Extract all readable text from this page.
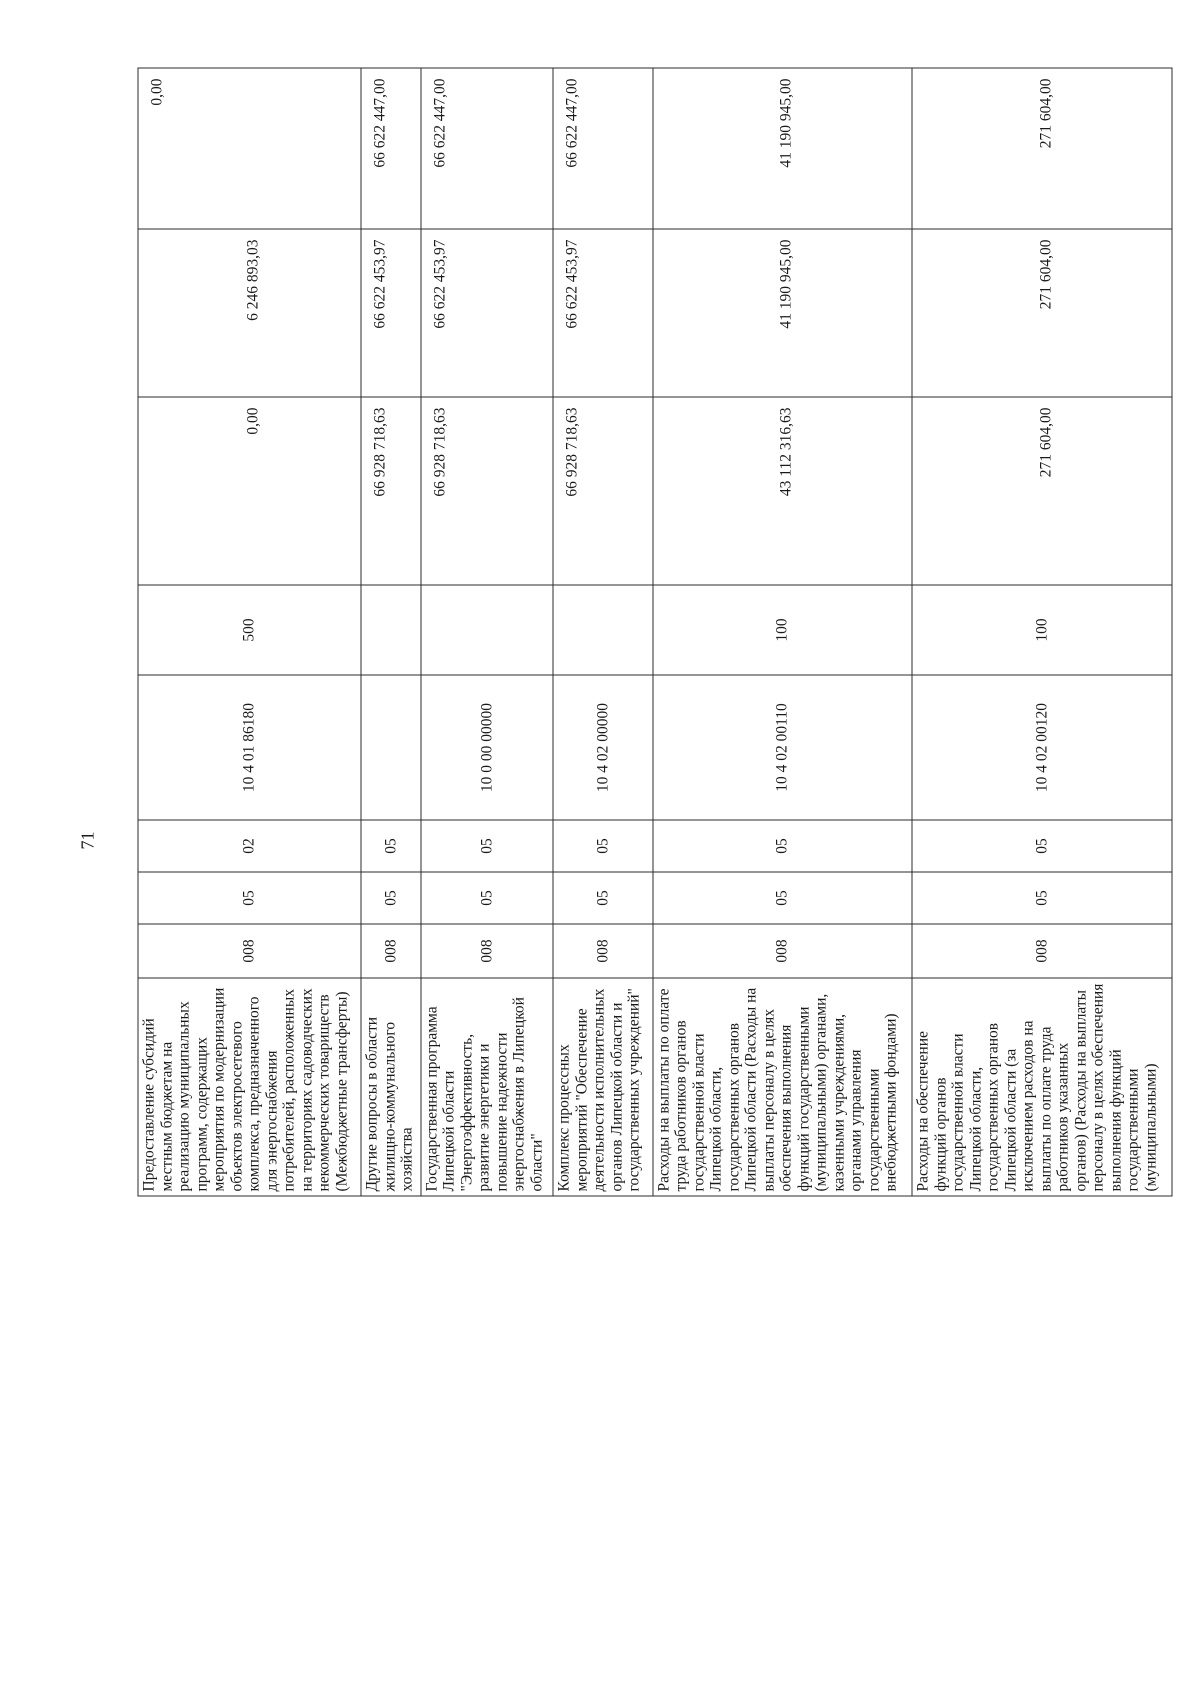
71
Предоставление субсидий местным бюджетам на реализацию муниципальных программ, содержащих мероприятия по модернизации объектов электросетевого комплекса, предназначенного для энергоснабжения потребителей, расположенных на территориях садоводческих некоммерческих товариществ (Межбюджетные трансферты)	008	05	02	10 4 01 86180	500	0,00	6 246 893,03	0,00
Другие вопросы в области жилищно-коммунального хозяйства	008	05	05			66 928 718,63	66 622 453,97	66 622 447,00
Государственная программа Липецкой области "Энергоэффективность, развитие энергетики и повышение надежности энергоснабжения в Липецкой области"	008	05	05	10 0 00 00000		66 928 718,63	66 622 453,97	66 622 447,00
Комплекс процессных мероприятий "Обеспечение деятельности исполнительных органов Липецкой области и государственных учреждений"	008	05	05	10 4 02 00000		66 928 718,63	66 622 453,97	66 622 447,00
Расходы на выплаты по оплате труда работников органов государственной власти Липецкой области, государственных органов Липецкой области (Расходы на выплаты персоналу в целях обеспечения выполнения функций государственными (муниципальными) органами, казенными учреждениями, органами управления государственными внебюджетными фондами)	008	05	05	10 4 02 00110	100	43 112 316,63	41 190 945,00	41 190 945,00
Расходы на обеспечение функций органов государственной власти Липецкой области, государственных органов Липецкой области (за исключением расходов на выплаты по оплате труда работников указанных органов) (Расходы на выплаты персоналу в целях обеспечения выполнения функций государственными (муниципальными)	008	05	05	10 4 02 00120	100	271 604,00	271 604,00	271 604,00
